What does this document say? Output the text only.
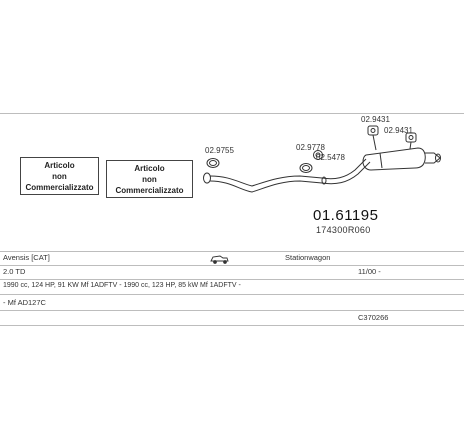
Articolo
non
Commercializzato
Articolo
non
Commercializzato
02.9755	02.9778
02.5478
02.9431
02.9431
01.61195
174300R060
Avensis [CAT]	Stationwagon
2.0 TD	11/00 -
1990 cc, 124 HP, 91 KW Mf 1ADFTV - 1990 cc, 123 HP, 85 kW Mf 1ADFTV -
- Mf AD127C
C370266
